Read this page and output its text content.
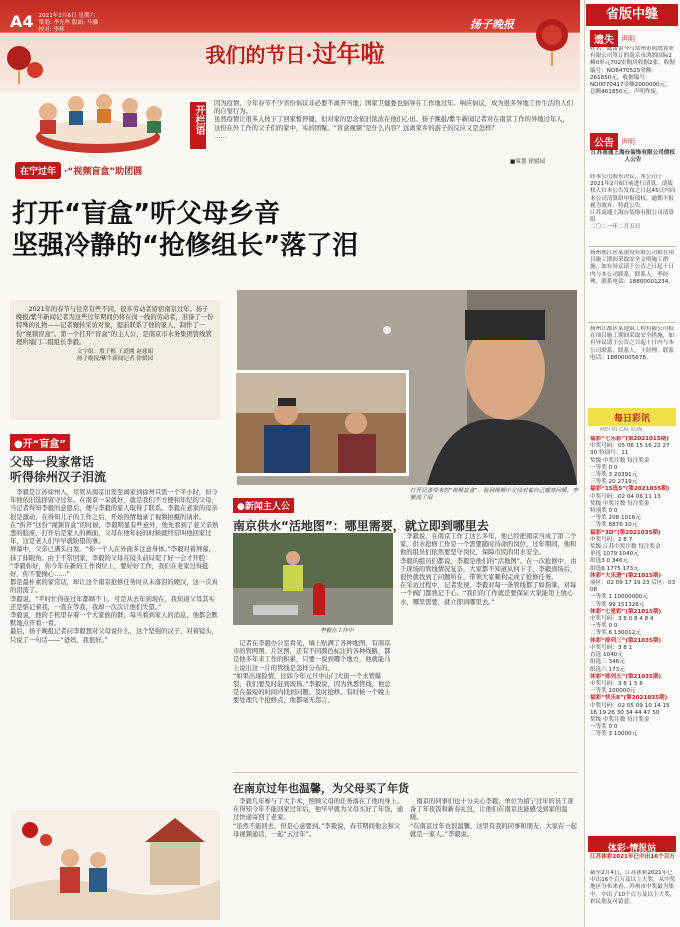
A4 2021年2月6日 星期六
策划: 李光华 版面: 马骥
校对: 李辉
我们的节日·过年啦
扬子晚报
在宁过年 ·“视频盲盒”助团圆
开栏语
因为疫情，今年春节不少省份倡议非必要不离开当地；国家卫健委也倡导在工作地过年。响应倡议，成为很多异地工作生活的人们的自觉行为。
虽然疫情让很多人按下了回家暂停键，但对家的思念依旧浓浓在他们心田。扬子晚报/紫牛新闻记者对在南京工作的异地过年人，这份在外工作的父子们的家中，实的团聚。“盲盒视频”是什么内容？远离家乡的游子的反应又是怎样？
……
■策划 徐媛园
打开“盲盒”听父母乡音
坚强冷静的“抢修组长”落了泪
2021年的春节与往常有些不同，很多劳动者留宿南京过年。扬子晚报/紫牛新闻记者为这些过年期间仍将在岗一线的劳动者，准备了一份特殊的礼物——记者辗转采访对象，提前联系了他的家人，制作了一份“视频盲盒”。第一个打开“盲盒”的主人公，是南京市水务集团管线管理所埔门二组组长李毅。
文字组：殷子楷 王道刚 赵慈娟
扬子晚报/紫牛新闻记者 徐媛园
●开“盲盒”
父母一段家常话
听得徐州汉子泪流
李毅是江苏徐州人，尽管从南京出发至离家到徐州只需一个半小时，但今年他依旧选择留守过年。在南京一呆就好，就是我们不方便和年纪的父母，当记者得知李毅的意愿后，便与李毅的家人取得了联系。李毅在老家的母亲很是激动，在得知儿子的工作之后，开始热情地录了视频拍摄的请求。
在“拆开”这份“视频盲盒”的时候，李毅明显有些意外，他先看到了老父亲熟悉的脸庞，打开后是家人的画面，父母在他年轻的时候就经常叫他回家过年，这是老人们早早就盼望的事。
屏幕中，父亲已满头白发。“你一个人在外面多注意身体。”李毅对着屏幕，抹了抹眼角。由于不常回家，李毅的父母在镜头前局促了好一会才开腔：
“李毅你好，你今年在新的工作岗位上，要好好工作，我们在老家过得挺好，你不要操心……”
都是最朴素的家常话，却让这个南京抢修任务时从未落泪的硬汉，这一次真的泪流了。
李毅说，“平时忙得连过年都顾不上，可是从去年到现在，我知道父母其实还是惦记着我，一直在等我，我却一次次让他们失望。”
李毅说，他的手机里存着一个大家族的群，每当看到家人的消息，他都会默默地点开看一看。
最后，扬子晚报记者问李毅想对父母说什么，这个坚强的汉子，对着镜头，只说了一句话——“爸妈，我很好。”
打开记者带来的“视频盲盒”，看到视频中父母对着自己嘘寒问暖，李毅流了泪
●新闻主人公
南京供水“活地图”：哪里需要，就立即到哪里去
李毅在工作中
记者在李毅办公室看见，墙上贴满了各种地图，有南京市的管网图、片区图，还有不同颜色标注的各种线路，都是他多年来工作的积累，只要一说到哪个地方，他就能马上说出这一片的管线是怎样分布的。
“如果出现险情，比如今年元旦中山门大街一个水管爆裂，我们要及时赶到现场。”李毅说，因为熟悉管线，他总是在最短的时间内找到问题，及时抢修。有时候一个晚上要处理几个抢修点，他都毫无怨言。
李毅说，在南京工作了这么多年，他已经把南京当成了第二个家。供水抢修工作是一个需要随时待命的岗位，过年期间，他和他的组员们依然要坚守岗位，保障市民的用水安全。
李毅的组员们都说，李毅是他们的“活地图”。在一次抢修中，由于现场的管线情况复杂，大家都不知道从何下手，李毅到场后，很快就找到了问题所在，带领大家顺利完成了抢修任务。
在采访过程中，记者发现，李毅对每一条管线都了如指掌，对每一个阀门都熟记于心。“我们的工作就是要保证大家能用上放心水，哪里需要，就立即到哪里去。”
在南京过年也温馨，为父母买了年货
李毅几年参与了大手术，照顾父母的任务落在了他的身上。在得知今年不能回家过年后，他早早就为父母买好了年货，通过快递寄回了老家。
“虽然不能回去，但是心意要到。”李毅说，春节期间他会和父母视频通话，一起“云过年”。
南京的同事们也十分关心李毅，单位为留宁过年的员工准备了年夜饭和新春礼包，让他们在南京也能感受到家的温暖。
“在南京过年也很温馨，这里有我的同事和朋友，大家在一起就是一家人。”李毅说。
省版中缝
遗失	声明
姓名：陈蕾蕾今与常州市鸿鹄置业有限公司签订的南京市鸿鹄国际2幢0单元702室购房收据2张，收据编号：NO6470525金额：261850元，收据编号：NO0070417金额2000000元，总额461850元，声明作废。
公告	声明
江苏南通上海台装饰有限公司债权人公告
经本公司股东决议，本公司于2021年2月6日前进行清算，请债权人自本公告发布之日起45日内向本公司清算组申报债权，逾期不报视为放弃。特此公告。
江苏南通上海台装饰有限公司清算组
二〇二一年二月五日
扬州邢江区某建设有限公司拟在项目施工期间采取安全文明施工措施，如有异议请于公告之日起十日内与本公司联系，联系人：李经理，联系电话：18800001234。
扬州江都区某建筑工程有限公司拟在项目施工期间采取安全措施，如有异议请于公告之日起十日内与本公司联系，联系人：王经理，联系电话：18800005678。
每日彩讯
MEI RI CAI XUN
福彩“七乐彩”(第2021015期)
中奖号码：05 06 15 16 22 27 30 特别号：11
奖级 中奖注数 每注奖金
一等奖 0 0
二等奖 3 20391元
三等奖 20 2719元
福彩“15选5”(第2021035期)
中奖号码：02 04 06 11 13
奖级 中奖注数 每注奖金
特别奖 0 0
一等奖 208 1016元
二等奖 8876 10元
福彩“3D”(第2021035期)
中奖号码：2 8 7
奖级 江苏中奖注数 每注奖金
单选 1079 1040元
组选3 0 346元
组选6 1775 173元
体彩“大乐透”(第21015期)
前区：02 09 17 19 23 后区：03 08
一等奖 1 10000000元
二等奖 99 151326元
体彩“七星彩”(第21015期)
中奖号码：3 8 0 8 4 8 4
一等奖 0 0
二等奖 6 130012元
体彩“排列三”(第21035期)
中奖号码：3 8 1
直选 1040元
组选三 346元
组选六 173元
体彩“排列五”(第21035期)
中奖号码：3 8 1 5 6
一等奖 100000元
福彩“快乐8”(第2021035期)
中奖号码：02 05 09 10 14 15 16 19 26 30 34 44 47 50
奖级 中奖注数 每注奖金
一等奖 0 0
二等奖 3 10000元
体彩·情报站
江苏体彩2021年已中出16个百万
截至2月4日，江苏体彩2021年已中出16个百万及以上大奖，从中奖地区分布来看，苏州市中奖最为集中，中出了10个百万及以上大奖，彩民朋友可留意。
